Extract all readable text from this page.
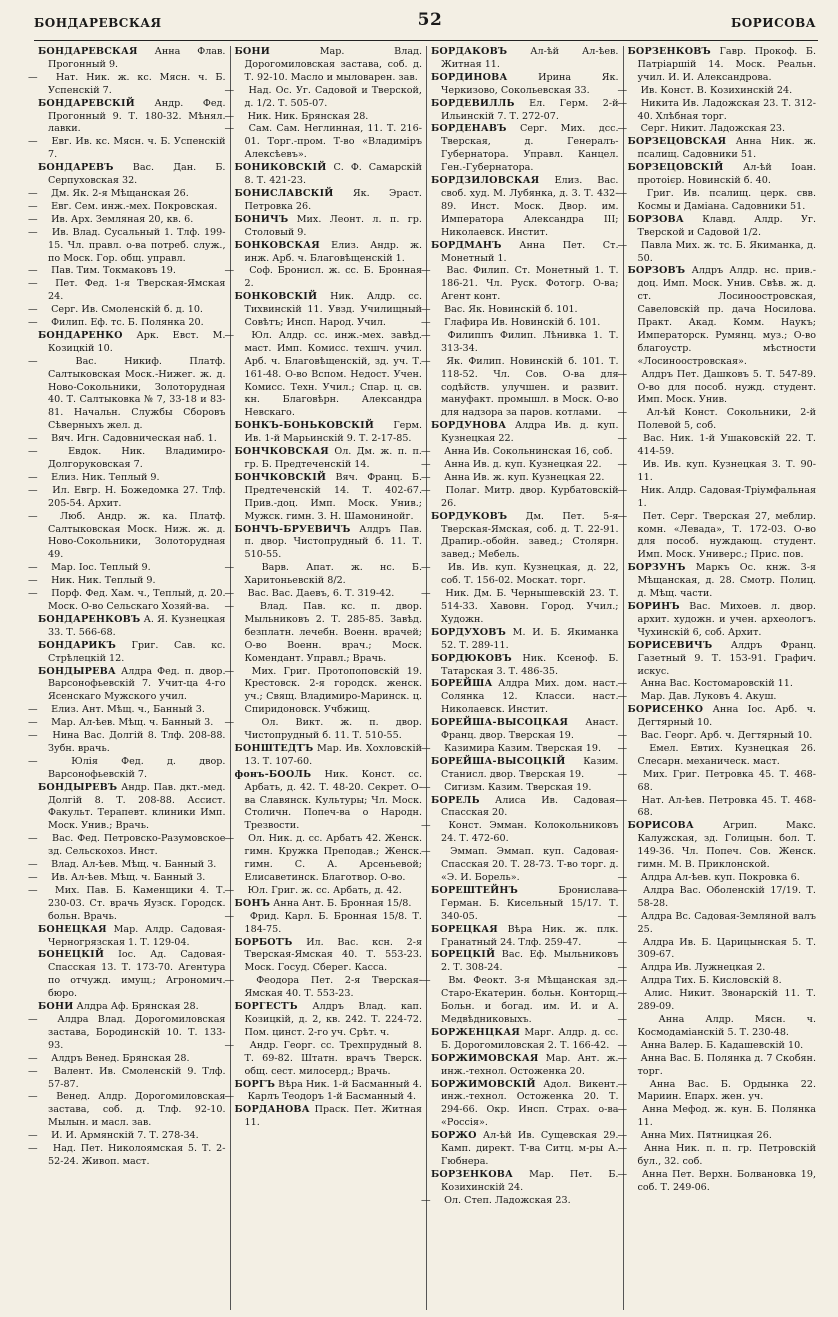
БОНДАРЕВСКАЯ	52	БОРИСОВА

БОНДАРЕВСКАЯ Анна Флав. Прогонный 9.

— Нат. Ник. ж. кс. Мясн. ч. Б. Успенскій 7.

БОНДАРЕВСКІЙ Андр. Фед. Прогонный 9. Т. 180-32. Мѣнял. лавки.

— Евг. Ив. кс. Мясн. ч. Б. Успенскій 7.

БОНДАРЕВЪ Вас. Дан. Б. Серпуховская 32.

— Дм. Як. 2-я Мѣщанская 26.

— Евг. Сем. инж.-мех. Покровская.

— Ив. Арх. Земляная 20, кв. 6.

— Ив. Влад. Сусальный 1. Тлф. 199-15. Чл. правл. о-ва потреб. служ., по Моск. Гор. общ. управл.

— Пав. Тим. Токмаковъ 19.

— Пет. Фед. 1-я Тверская-Ямская 24.

— Серг. Ив. Смоленскій б. д. 10.

— Филип. Еф. тс. Б. Полянка 20.

БОНДАРЕНКО Арк. Евст. М. Козицкій 10.

—	Вас. Никиф. Платф. Салтыковская Моск.-Нижег. ж. д. Ново-Сокольники, Золоторудная 40. Т. Салтыковка № 7, 33-18 и 83-81. Начальн. Службы Сборовъ Сѣверныхъ жел. д.

— Вяч. Игн. Садовническая наб. 1.

—	Евдок. Ник. Владимиро-Долгоруковская 7.

— Елиз. Ник. Теплый 9.

— Ил. Евгр. Н. Божедомка 27. Тлф. 205-54. Архит.

— Люб. Андр. ж. ка. Платф. Салтыковская Моск. Ниж. ж. д. Ново-Сокольники, Золоторудная 49.

— Мар. Іос. Теплый 9.

— Ник. Ник. Теплый 9.

— Порф. Фед. Хам. ч., Теплый, д. 20. Моск. О-во Сельскаго Хозяй-ва.

БОНДАРЕНКОВЪ А. Я. Кузнецкая 33. Т. 566-68.

БОНДАРИКЪ Григ. Сав. кс. Стрѣлецкій 12.

БОНДЫРЕВА Алдра Фед. п. двор. Варсонофьевскій 7. Учит-ца 4-го Ясенскаго Мужского учил.

— Елиз. Ант. Мѣщ. ч., Банный 3.

— Мар. Ал-ѣев. Мѣщ. ч. Банный 3.

— Нина Вас. Долгій 8. Тлф. 208-88. Зубн. врачь.

—	Юлія Фед. д. двор. Варсонофьевскій 7.

БОНДЫРЕВЪ Андр. Пав. дкт.-мед. Долгій 8. Т. 208-88. Ассист. Факульт. Терапевт. клиники Имп. Моск. Унив.; Врачь.

— Вас. Фед. Петровско-Разумовское зд. Сельскохоз. Инст.

— Влад. Ал-ѣев. Мѣщ. ч. Банный 3.

— Ив. Ал-ѣев. Мѣщ. ч. Банный 3.

— Мих. Пав. Б. Каменщики 4. Т. 230-03. Ст. врачь Яузск. Городск. больн. Врачь.

БОНЕЦКАЯ Мар. Алдр. Садовая-Черногрязская 1. Т. 129-04.

БОНЕЦКІЙ Іос. Ад. Садовая-Спасская 13. Т. 173-70. Агентура по отчужд. имущ.; Агрономич. бюро.

БОНИ Алдра Аф. Брянская 28.

— Алдра Влад. Дорогомиловская застава, Бородинскій 10. Т. 133-93.

— Алдръ Венед. Брянская 28.

— Валент. Ив. Смоленскій 9. Тлф. 57-87.

— Венед. Алдр. Дорогомиловская застава, соб. д. Тлф. 92-10. Мылын. и масл. зав.

— И. И. Армянскій 7. Т. 278-34.

— Над. Пет. Николоямская 5. Т. 2-52-24. Живоп. маст.

БОНИ	Мар. Влад. Дорогомиловская застава, соб. д. Т. 92-10. Масло и мыловарен. зав.

— Над. Ос. Уг. Садовой и Тверской, д. 1/2. Т. 505-07.

— Ник. Ник. Брянская 28.

— Сам. Сам. Неглинная, 11. Т. 216-01. Торг.-пром. Т-во «Владиміръ Алексѣевъ».

БОНИКОВСКІЙ С. Ф. Самарскій 8. Т. 421-23.

БОНИСЛАВСКІЙ Як. Эраст. Петровка 26.

БОНИЧЪ Мих. Леонт. л. п. гр. Столовый 9.

БОНКОВСКАЯ Елиз. Андр. ж. инж. Арб. ч. Благовѣщенскій 1.

— Соф. Бронисл. ж. сс. Б. Бронная 2.

БОНКОВСКІЙ Ник. Алдр. сс. Тихвинскій 11. Увзд. Училищный Совѣтъ; Инсп. Народ. Учил.

— Юл. Алдр. сс. инж.-мех. завѣд. маст. Имп. Комисс. техшч. учил. Арб. ч. Благовѣщенскій, зд. уч. Т. 161-48. О-во Вспом. Недост. Учен. Комисс. Техн. Учил.; Спар. ц. св. кн. Благовѣрн. Александра Невскаго.

БОНКЪ-БОНЬКОВСКІЙ Герм. Ив. 1-й Марьинскій 9. Т. 2-17-85.

БОНЧКОВСКАЯ Ол. Дм. ж. п. п. гр. Б. Предтеченскій 14.

БОНЧКОВСКІЙ Вяч. Франц. Б. Предтеченскій 14. Т. 402-67. Прив.-доц. Имп. Моск. Унив.; Мужск. гимн. З. Н. Шамонинойг.

БОНЧЪ-БРУЕВИЧЪ Алдръ Пав. п. двор. Чистопрудный б. 11. Т. 510-55.

—	Варв. Апат. ж. нс. Б. Харитоньевскій 8/2.

— Вас. Вас. Даевъ, 6. Т. 319-42.

—	Влад. Пав. кс. п. двор. Мыльниковъ 2. Т. 285-85. Завѣд. безплатн. лечебн. Военн. врачей; О-во Военн. врач.; Моск. Комендант. Управл.; Врачь.

— Мих. Григ. Протопоповскій 19. Крестовск. 2-я городск. женск. уч.; Свящ. Владимиро-Маринск. ц. Спиридоновск. Учбжищ.

—	Ол. Викт. ж. п. двор. Чистопрудный б. 11. Т. 510-55.

БОНШТЕДТЪ Мар. Ив. Хохловскій 13. Т. 107-60.

фонъ-БООЛЬ Ник. Конст. сс. Арбать, д. 42. Т. 48-20. Секрет. О-ва Славянск. Культуры; Чл. Моск. Столичн. Попеч-ва о Народн. Трезвости.

— Ол. Ник. д. сс. Арбатъ 42. Женск. гимн. Кружка Преподав.; Женск. гимн. С. А. Арсеньевой; Елисаветинск. Благотвор. О-во.

— Юл. Григ. ж. сс. Арбать, д. 42.

БОНЪ Анна Ант. Б. Бронная 15/8.

— Фрид. Карл. Б. Бронная 15/8. Т. 184-75.

БОРБОТЪ Ил. Вас. ксн. 2-я Тверская-Ямская 40. Т. 553-23. Моск. Госуд. Сберег. Касса.

— Феодора Пет. 2-я Тверская-Ямская 40. Т. 553-23.

БОРГЕСТЪ Алдръ Влад. кап. Козицкій, д. 2, кв. 242. Т. 224-72. Пом. цинст. 2-го уч. Срѣт. ч.

— Андр. Георг. сс. Трехпрудный 8. Т. 69-82. Штатн. врачъ Тверск. общ. сест. милосерд.; Врачь.

БОРГЪ Вѣра Ник. 1-й Басманный 4.

— Карлъ Теодоръ 1-й Басманный 4.

БОРДАНОВА Праск. Пет. Житная 11.

БОРДАКОВЪ Ал-ѣй Ал-ѣев. Житная 11.

БОРДИНОВА	Ирина Як. Черкизово, Сокольевская 33.

БОРДЕВИЛЛЬ Ел. Герм. 2-й Ильинскій 7. Т. 272-07.

БОРДЕНАВЪ Серг. Мих. дсс. Тверская, д. Генералъ-Губернатора. Управл. Канцел. Ген.-Губернатора.

БОРДЗИЛОВСКАЯ Елиз. Вас. своб. худ. М. Лубянка, д. 3. Т. 432-89. Инст. Моск. Двор. им. Императора Александра III; Николаевск. Инстит.

БОРДМАНЪ Анна Пет. Ст. Монетный 1.

— Вас. Филип. Ст. Монетный 1. Т. 186-21. Чл. Руск. Фотогр. О-ва; Агент конт.

— Вас. Як. Новинскій б. 101.

— Глафира Ив. Новинскій б. 101.

— Филиппъ Филип. Лѣнивка 1. Т. 313-34.

— Як. Филип. Новинскій б. 101. Т. 118-52. Чл. Сов. О-ва для содѣйств. улучшен. и развит. мануфакт. промышл. в Моск. О-во для надзора за паров. котлами.

БОРДУНОВА Алдра Ив. д. куп. Кузнецкая 22.

— Анна Ив. Сокольнинская 16, соб.

— Анна Ив. д. куп. Кузнецкая 22.

— Анна Ив. ж. куп. Кузнецкая 22.

— Полаг. Митр. двор. Курбатовскій 26.

БОРДУКОВЪ Дм. Пет. 5-я Тверская-Ямская, соб. д. Т. 22-91. Драпир.-обойн. завед.; Столярн. завед.; Мебель.

— Ив. Ив. куп. Кузнецкая, д. 22, соб. Т. 156-02. Москат. торг.

— Ник. Дм. Б. Чернышевскій 23. Т. 514-33. Хавовн. Город. Учил.; Художн.

БОРДУХОВЪ М. И. Б. Якиманка 52. Т. 289-11.

БОРДЮКОВЪ Ник. Ксеноф. Б. Татарская 3. Т. 486-35.

БОРЕЙША Алдра Мих. дом. наст. Солянка 12. Класси. наст. Николаевск. Инстит.

БОРЕЙША-ВЫСОЦКАЯ Анаст. Франц. двор. Тверская 19.

— Казимира Казим. Тверская 19.

БОРЕЙША-ВЫСОЦКІЙ Казим. Станисл. двор. Тверская 19.

— Сигизм. Казим. Тверская 19.

БОРЕЛЬ Алиса Ив. Садовая-Спасская 20.

— Конст. Эмман. Колокольниковъ 24. Т. 472-60.

— Эммап. Эммап. куп. Садовая-Спасская 20. Т. 28-73. Т-во торг. д. «Э. И. Борель».

БОРЕШТЕЙНЪ	Бронислава Герман. Б. Кисельный 15/17. Т. 340-05.

БОРЕЦКАЯ Вѣра Ник. ж. плк. Гранатный 24. Тлф. 259-47.

БОРЕЦКІЙ Вас. Еф. Мыльниковъ 2. Т. 308-24.

— Вм. Феокт. 3-я Мѣщанская зд. Старо-Екатерин. больн. Конторщ. Больн. и богад. им. И. и А. Медвѣдниковыхъ.

БОРЖЕНЦКАЯ Марг. Алдр. д. сс. Б. Дорогомиловская 2. Т. 166-42.

БОРЖИМОВСКАЯ Мар. Ант. ж. инж.-технол. Остоженка 20.

БОРЖИМОВСКІЙ Адол. Викент. инж.-технол. Остоженка 20. Т. 294-66. Окр. Инсп. Страх. о-ва «Россія».

БОРЖО Ал-ѣй Ив. Сущевская 29. Камп. директ. Т-ва Ситц. м-ры А. Гюбнера.

БОРЗЕНКОВА Мар. Пет. Б. Козихинскій 24.

— Ол. Степ. Ладожская 23.

БОРЗЕНКОВЪ Гавр. Прокоф. Б. Патріаршій 14. Моск. Реальн. учил. И. И. Александрова.

— Ив. Конст. В. Козихинскій 24.

— Никита Ив. Ладожская 23. Т. 312-40. Хлѣбная торг.

— Серг. Никит. Ладожская 23.

БОРЗЕЦОВСКАЯ Анна Ник. ж. псалищ. Садовники 51.

БОРЗЕЦОВСКІЙ Ал-ѣй Іоан. протоієр. Новинскій б. 40.

— Григ. Ив. псалищ. церк. свв. Космы и Даміана. Садовники 51.

БОРЗОВА Клавд. Алдр. Уг. Тверской и Садовой 1/2.

— Павла Мих. ж. тс. Б. Якиманка, д. 50.

БОРЗОВЪ Алдръ Алдр. нс. прив.-доц. Имп. Моск. Унив. Свѣв. ж. д. ст. Лосиноостровская, Савеловскій пр. дача Носилова. Практ. Акад. Комм. Наукъ; Императорск. Румянц. муз.; О-во благоустр. мѣстности «Лосиноостровская».

— Алдръ Пет. Дашковъ 5. Т. 547-89. О-во для пособ. нужд. студент. Имп. Моск. Унив.

— Ал-ѣй Конст. Сокольники, 2-й Полевой 5, соб.

— Вас. Ник. 1-й Ушаковскій 22. Т. 414-59.

— Ив. Ив. куп. Кузнецкая 3. Т. 90-11.

— Ник. Алдр. Садовая-Тріумфальная 1.

— Пет. Серг. Тверская 27, меблир. комн. «Левада», Т. 172-03. О-во для пособ. нуждающ. студент. Имп. Моск. Универс.; Прис. пов.

БОРЗУНЪ Маркъ Ос. кнж. 3-я Мѣщанская, д. 28. Смотр. Полиц. д. Мѣщ. части.

БОРИНЪ Вас. Михоев. л. двор. архит. художн. и учен. археологъ. Чухинскій 6, соб. Архит.

БОРИСЕВИЧЪ Алдръ Франц. Газетный 9. Т. 153-91. Графич. искус.

— Анна Вас. Костомаровскій 11.

— Мар. Дав. Луковъ 4. Акуш.

БОРИСЕНКО Анна Іос. Арб. ч. Дегтярный 10.

— Вас. Георг. Арб. ч. Дегтярный 10.

— Емел. Евтих. Кузнецкая 26. Слесарн. механическ. маст.

— Мих. Григ. Петровка 45. Т. 468-68.

— Нат. Ал-ѣев. Петровка 45. Т. 468-68.

БОРИСОВА	Агрип. Макс. Калужская, зд. Голицын. бол. Т. 149-36. Чл. Попеч. Сов. Женск. гимн. М. В. Приклонской.

— Алдра Ал-ѣев. куп. Покровка 6.

— Алдра Вас. Оболенскій 17/19. Т. 58-28.

— Алдра Вс. Садовая-Земляной валъ 25.

— Алдра Ив. Б. Царицынская 5. Т. 309-67.

— Алдра Ив. Лужнецкая 2.

— Алдра Тих. Б. Кисловскій 8.

— Алис. Никит. Звонарскій 11. Т. 289-09.

—	Анна Алдр. Мясн. ч. Космодаміанскій 5. Т. 230-48.

— Анна Валер. Б. Кадашевскій 10.

— Анна Вас. Б. Полянка д. 7 Скобян. торг.

— Анна Вас. Б. Ордынка 22. Мариин. Епарх. жен. уч.

— Анна Мефод. ж. кун. Б. Полянка 11.

— Анна Мих. Пятницкая 26.

— Анна Ник. п. п. гр. Петровскій бул., 32. соб.

— Анна Пет. Верхн. Болвановка 19, соб. Т. 249-06.
